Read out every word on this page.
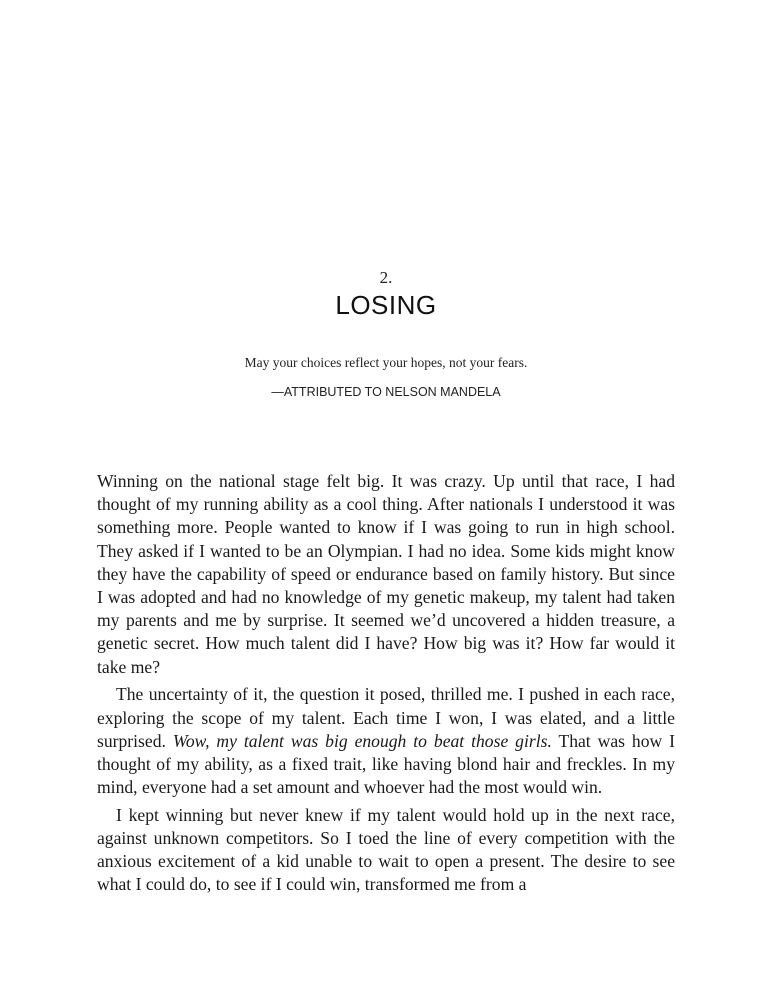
2.
LOSING
May your choices reflect your hopes, not your fears.
—ATTRIBUTED TO NELSON MANDELA

Winning on the national stage felt big. It was crazy. Up until that race, I had thought of my running ability as a cool thing. After nationals I understood it was something more. People wanted to know if I was going to run in high school. They asked if I wanted to be an Olympian. I had no idea. Some kids might know they have the capability of speed or endurance based on family history. But since I was adopted and had no knowledge of my genetic makeup, my talent had taken my parents and me by surprise. It seemed we’d uncovered a hidden treasure, a genetic secret. How much talent did I have? How big was it? How far would it take me?

The uncertainty of it, the question it posed, thrilled me. I pushed in each race, exploring the scope of my talent. Each time I won, I was elated, and a little surprised. Wow, my talent was big enough to beat those girls. That was how I thought of my ability, as a fixed trait, like having blond hair and freckles. In my mind, everyone had a set amount and whoever had the most would win.

I kept winning but never knew if my talent would hold up in the next race, against unknown competitors. So I toed the line of every competition with the anxious excitement of a kid unable to wait to open a present. The desire to see what I could do, to see if I could win, transformed me from a
